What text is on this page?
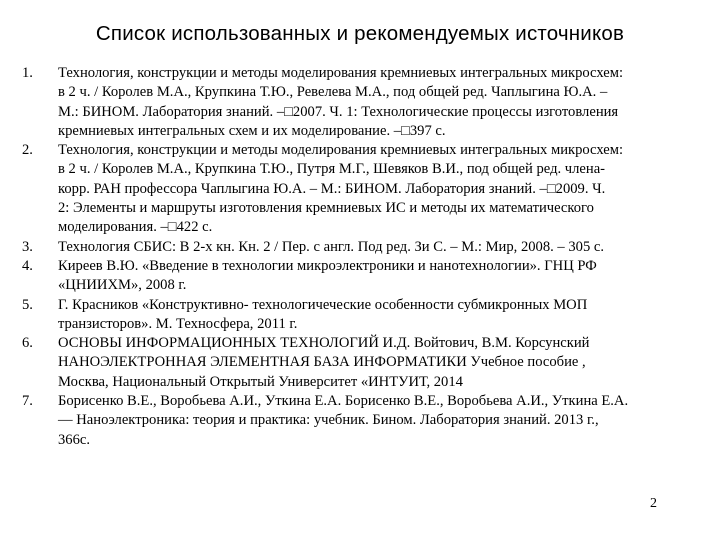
Список использованных и рекомендуемых источников
1.	Технология, конструкции и методы моделирования кремниевых интегральных микросхем:
в 2 ч. / Королев М.А., Крупкина Т.Ю., Ревелева М.А., под общей ред. Чаплыгина Ю.А. –
М.: БИНОМ. Лаборатория знаний. –□2007. Ч. 1: Технологические процессы изготовления
кремниевых интегральных схем и их моделирование. –□397 с.
2.	Технология, конструкции и методы моделирования кремниевых интегральных микросхем:
в 2 ч. / Королев М.А., Крупкина Т.Ю., Путря М.Г., Шевяков В.И., под общей ред. члена-
корр. РАН профессора Чаплыгина Ю.А. – М.: БИНОМ. Лаборатория знаний. –□2009. Ч.
2: Элементы и маршруты изготовления кремниевых ИС и методы их математического
моделирования. –□422 с.
3.	Технология СБИС: В 2-х кн. Кн. 2 / Пер. с англ. Под ред. Зи С. – М.: Мир, 2008. – 305 с.
4.	Киреев В.Ю. «Введение в технологии микроэлектроники и нанотехнологии». ГНЦ РФ
«ЦНИИХМ», 2008 г.
5.	Г. Красников «Конструктивно- технологичеческие особенности субмикронных МОП
транзисторов». М. Техносфера, 2011 г.
6.	ОСНОВЫ ИНФОРМАЦИОННЫХ ТЕХНОЛОГИЙ И.Д. Войтович, В.М. Корсунский
НАНОЭЛЕКТРОННАЯ ЭЛЕМЕНТНАЯ БАЗА ИНФОРМАТИКИ Учебное пособие ,
Москва, Национальный Открытый Университет «ИНТУИТ, 2014
7.	Борисенко В.Е., Воробьева А.И., Уткина Е.А. Борисенко В.Е., Воробьева А.И., Уткина Е.А.
— Наноэлектроника: теория и практика: учебник. Бином. Лаборатория знаний. 2013 г.,
366с.
2
